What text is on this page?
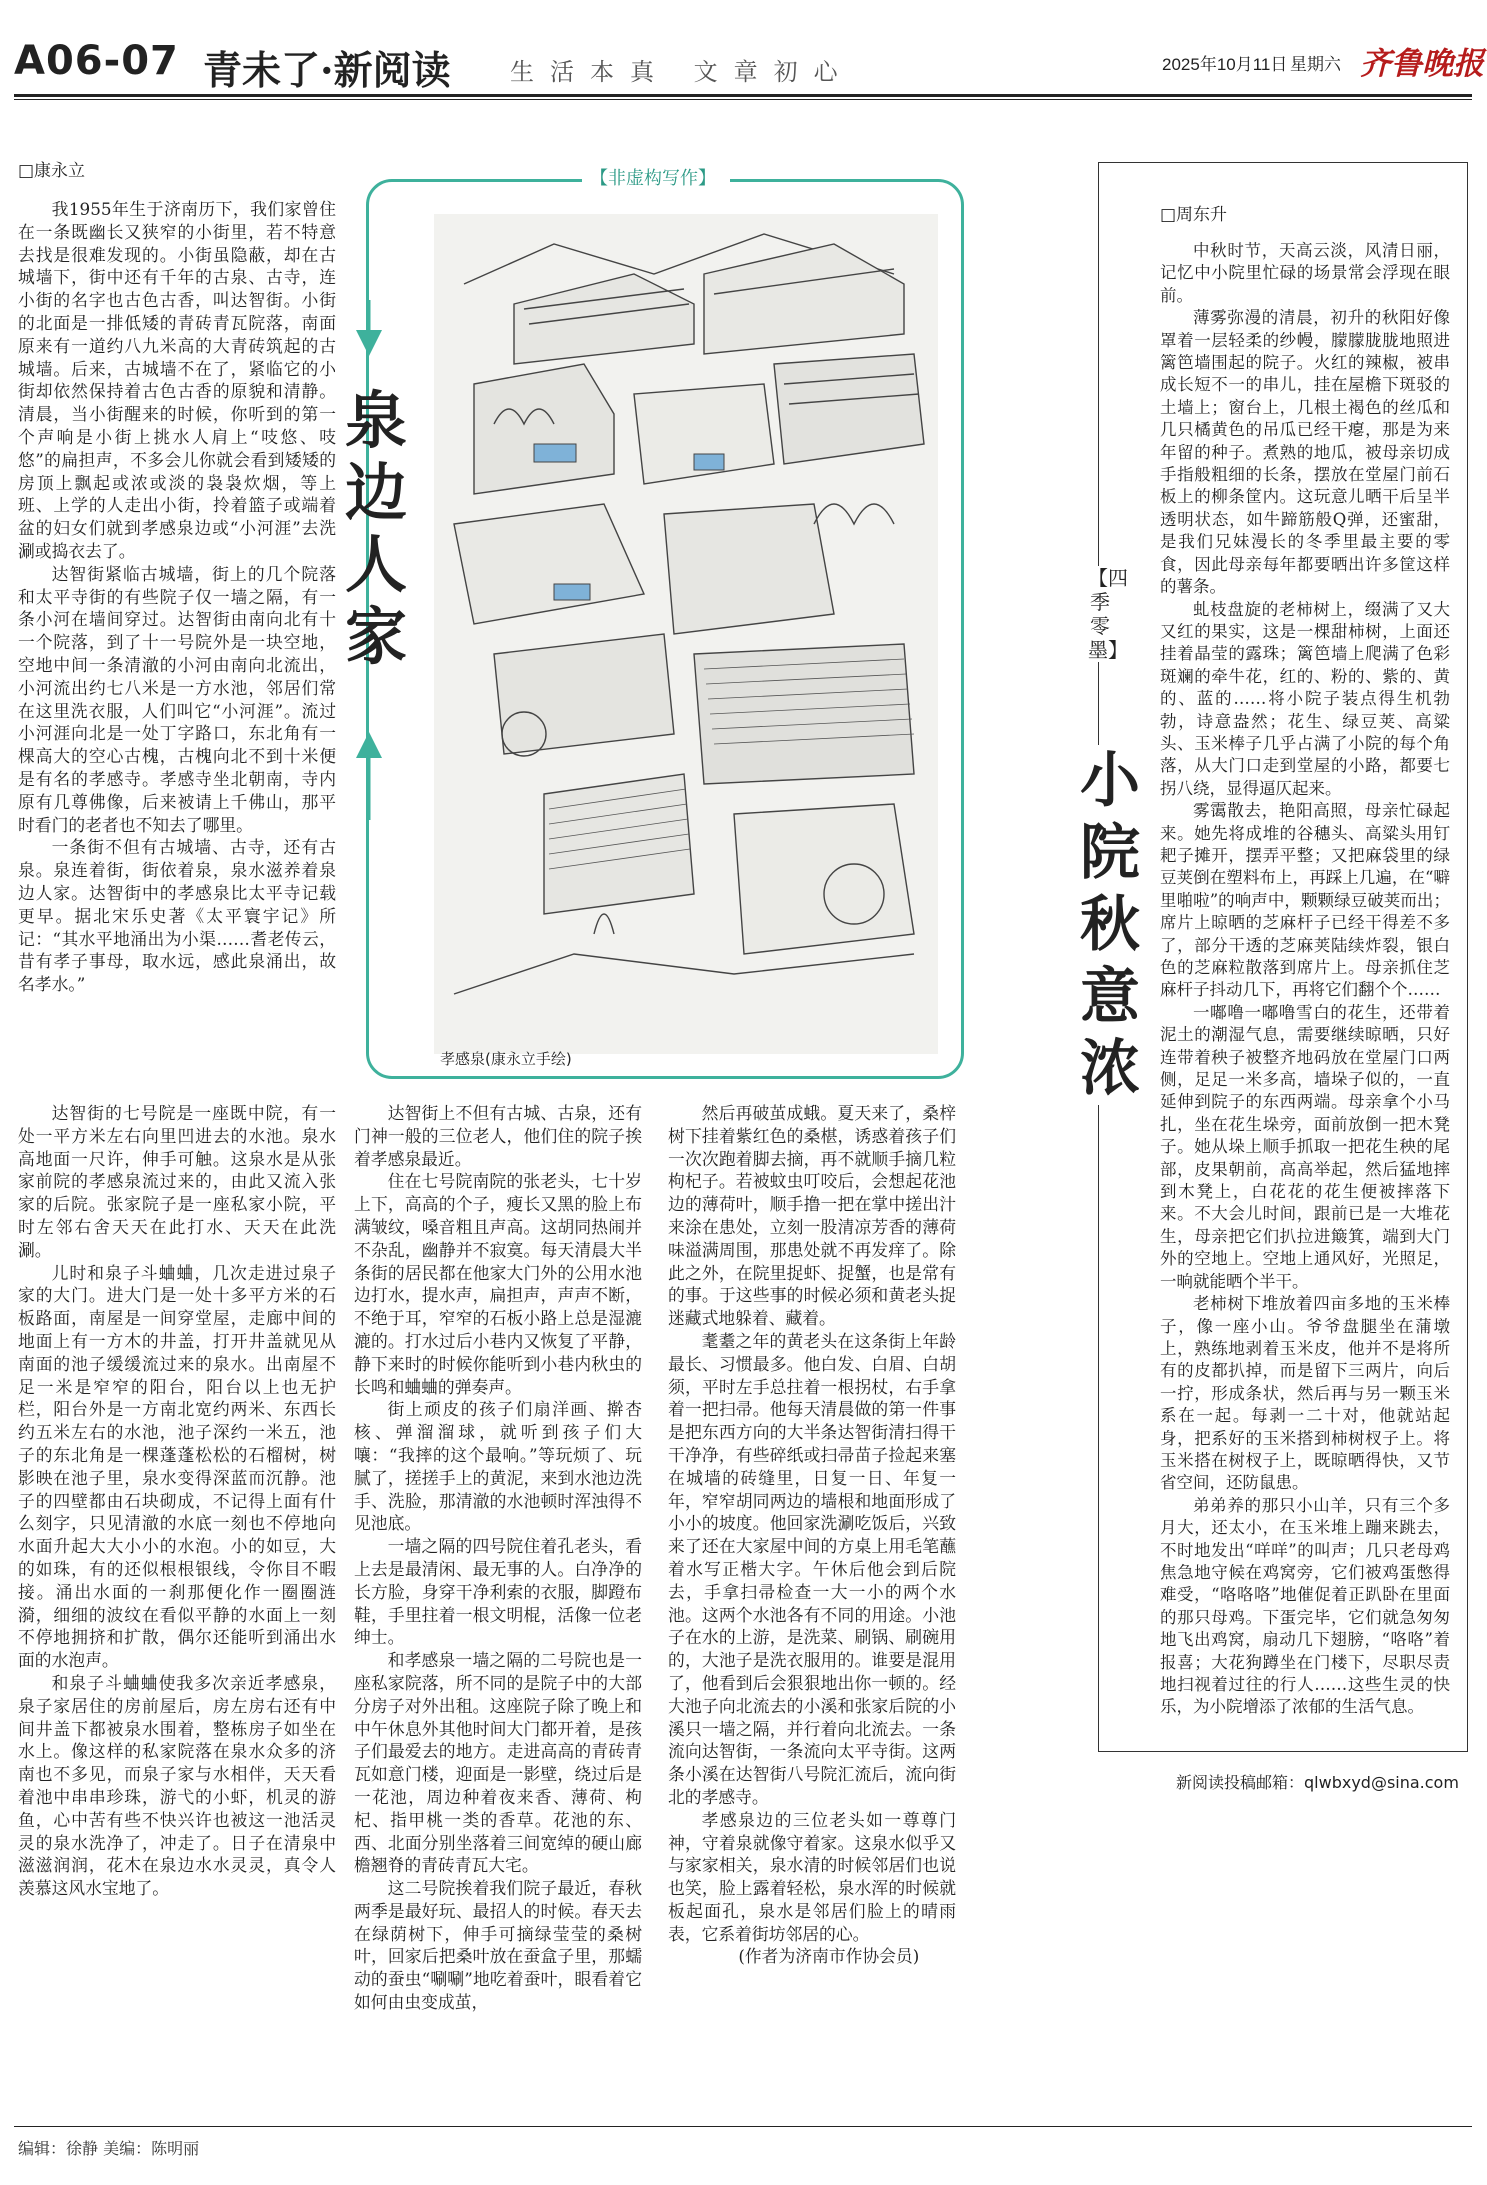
A06-07 青未了·新阅读 生活本真 文章初心	2025年10月11日 星期六 齐鲁晚报
□康永立	【非虚构写作】
泉边人家
孝感泉(康永立手绘)

我1955年生于济南历下，我们家曾住在一条既幽长又狭窄的小街里，若不特意去找是很难发现的。小街虽隐蔽，却在古城墙下，街中还有千年的古泉、古寺，连小街的名字也古色古香，叫达智街。小街的北面是一排低矮的青砖青瓦院落，南面原来有一道约八九米高的大青砖筑起的古城墙。后来，古城墙不在了，紧临它的小街却依然保持着古色古香的原貌和清静。清晨，当小街醒来的时候，你听到的第一个声响是小街上挑水人肩上“吱悠、吱悠”的扁担声，不多会儿你就会看到矮矮的房顶上飘起或浓或淡的袅袅炊烟，等上班、上学的人走出小街，拎着篮子或端着盆的妇女们就到孝感泉边或“小河涯”去洗涮或捣衣去了。

达智街紧临古城墙，街上的几个院落和太平寺街的有些院子仅一墙之隔，有一条小河在墙间穿过。达智街由南向北有十一个院落，到了十一号院外是一块空地，空地中间一条清澈的小河由南向北流出，小河流出约七八米是一方水池，邻居们常在这里洗衣服，人们叫它“小河涯”。流过小河涯向北是一处丁字路口，东北角有一棵高大的空心古槐，古槐向北不到十米便是有名的孝感寺。孝感寺坐北朝南，寺内原有几尊佛像，后来被请上千佛山，那平时看门的老者也不知去了哪里。

一条街不但有古城墙、古寺，还有古泉。泉连着街，街依着泉，泉水滋养着泉边人家。达智街中的孝感泉比太平寺记载更早。据北宋乐史著《太平寰宇记》所记：“其水平地涌出为小渠……耆老传云，昔有孝子事母，取水远，感此泉涌出，故名孝水。”

达智街的七号院是一座既中院，有一处一平方米左右向里凹进去的水池。泉水高地面一尺许，伸手可触。这泉水是从张家前院的孝感泉流过来的，由此又流入张家的后院。张家院子是一座私家小院，平时左邻右舍天天在此打水、天天在此洗涮。

儿时和泉子斗蛐蛐，几次走进过泉子家的大门。进大门是一处十多平方米的石板路面，南屋是一间穿堂屋，走廊中间的地面上有一方木的井盖，打开井盖就见从南面的池子缓缓流过来的泉水。出南屋不足一米是窄窄的阳台，阳台以上也无护栏，阳台外是一方南北宽约两米、东西长约五米左右的水池，池子深约一米五，池子的东北角是一棵蓬蓬松松的石榴树，树影映在池子里，泉水变得深蓝而沉静。池子的四壁都由石块砌成，不记得上面有什么刻字，只见清澈的水底一刻也不停地向水面升起大大小小的水泡。小的如豆，大的如珠，有的还似根根银线，令你目不暇接。涌出水面的一刹那便化作一圈圈涟漪，细细的波纹在看似平静的水面上一刻不停地拥挤和扩散，偶尔还能听到涌出水面的水泡声。

和泉子斗蛐蛐使我多次亲近孝感泉，泉子家居住的房前屋后，房左房右还有中间井盖下都被泉水围着，整栋房子如坐在水上。像这样的私家院落在泉水众多的济南也不多见，而泉子家与水相伴，天天看着池中串串珍珠，游弋的小虾，机灵的游鱼，心中苦有些不快兴许也被这一池活灵灵的泉水洗净了，冲走了。日子在清泉中滋滋润润，花木在泉边水水灵灵，真令人羡慕这风水宝地了。

达智街上不但有古城、古泉，还有门神一般的三位老人，他们住的院子挨着孝感泉最近。

住在七号院南院的张老头，七十岁上下，高高的个子，瘦长又黑的脸上布满皱纹，嗓音粗且声高。这胡同热闹并不杂乱，幽静并不寂寞。每天清晨大半条街的居民都在他家大门外的公用水池边打水，提水声，扁担声，声声不断，不绝于耳，窄窄的石板小路上总是湿漉漉的。打水过后小巷内又恢复了平静，静下来时的时候你能听到小巷内秋虫的长鸣和蛐蛐的弹奏声。

街上顽皮的孩子们扇洋画、擀杏核、弹溜溜球，就听到孩子们大嚷：“我摔的这个最响。”等玩烦了、玩腻了，搓搓手上的黄泥，来到水池边洗手、洗脸，那清澈的水池顿时浑浊得不见池底。

一墙之隔的四号院住着孔老头，看上去是最清闲、最无事的人。白净净的长方脸，身穿干净利索的衣服，脚蹬布鞋，手里拄着一根文明棍，活像一位老绅士。

和孝感泉一墙之隔的二号院也是一座私家院落，所不同的是院子中的大部分房子对外出租。这座院子除了晚上和中午休息外其他时间大门都开着，是孩子们最爱去的地方。走进高高的青砖青瓦如意门楼，迎面是一影壁，绕过后是一花池，周边种着夜来香、薄荷、枸杞、指甲桃一类的香草。花池的东、西、北面分别坐落着三间宽绰的硬山廊檐翘脊的青砖青瓦大宅。

这二号院挨着我们院子最近，春秋两季是最好玩、最招人的时候。春天去在绿荫树下，伸手可摘绿莹莹的桑树叶，回家后把桑叶放在蚕盒子里，那蠕动的蚕虫“唰唰”地吃着蚕叶，眼看着它如何由虫变成茧，

然后再破茧成蛾。夏天来了，桑梓树下挂着紫红色的桑椹，诱惑着孩子们一次次跑着脚去摘，再不就顺手摘几粒枸杞子。若被蚊虫叮咬后，会想起花池边的薄荷叶，顺手撸一把在掌中搓出汁来涂在患处，立刻一股清凉芳香的薄荷味溢满周围，那患处就不再发痒了。除此之外，在院里捉虾、捉蟹，也是常有的事。于这些事的时候必须和黄老头捉迷藏式地躲着、藏着。

耄耋之年的黄老头在这条街上年龄最长、习惯最多。他白发、白眉、白胡须，平时左手总拄着一根拐杖，右手拿着一把扫帚。他每天清晨做的第一件事是把东西方向的大半条达智街清扫得干干净净，有些碎纸或扫帚苗子捡起来塞在城墙的砖缝里，日复一日、年复一年，窄窄胡同两边的墙根和地面形成了小小的坡度。他回家洗涮吃饭后，兴致来了还在大家屋中间的方桌上用毛笔蘸着水写正楷大字。午休后他会到后院去，手拿扫帚检查一大一小的两个水池。这两个水池各有不同的用途。小池子在水的上游，是洗菜、刷锅、刷碗用的，大池子是洗衣服用的。谁要是混用了，他看到后会狠狠地出你一顿的。经大池子向北流去的小溪和张家后院的小溪只一墙之隔，并行着向北流去。一条流向达智街，一条流向太平寺街。这两条小溪在达智街八号院汇流后，流向街北的孝感寺。

孝感泉边的三位老头如一尊尊门神，守着泉就像守着家。这泉水似乎又与家家相关，泉水清的时候邻居们也说也笑，脸上露着轻松，泉水浑的时候就板起面孔，泉水是邻居们脸上的晴雨表，它系着街坊邻居的心。

(作者为济南市作协会员)

□周东升
【四季零墨】
小院秋意浓

中秋时节，天高云淡，风清日丽，记忆中小院里忙碌的场景常会浮现在眼前。

薄雾弥漫的清晨，初升的秋阳好像罩着一层轻柔的纱幔，朦朦胧胧地照进篱笆墙围起的院子。火红的辣椒，被串成长短不一的串儿，挂在屋檐下斑驳的土墙上；窗台上，几根土褐色的丝瓜和几只橘黄色的吊瓜已经干瘪，那是为来年留的种子。煮熟的地瓜，被母亲切成手指般粗细的长条，摆放在堂屋门前石板上的柳条筐内。这玩意儿晒干后呈半透明状态，如牛蹄筋般Q弹，还蜜甜，是我们兄妹漫长的冬季里最主要的零食，因此母亲每年都要晒出许多筐这样的薯条。

虬枝盘旋的老柿树上，缀满了又大又红的果实，这是一棵甜柿树，上面还挂着晶莹的露珠；篱笆墙上爬满了色彩斑斓的牵牛花，红的、粉的、紫的、黄的、蓝的……将小院子装点得生机勃勃，诗意盎然；花生、绿豆荚、高粱头、玉米棒子几乎占满了小院的每个角落，从大门口走到堂屋的小路，都要七拐八绕，显得逼仄起来。

雾霭散去，艳阳高照，母亲忙碌起来。她先将成堆的谷穗头、高粱头用钉耙子摊开，摆弄平整；又把麻袋里的绿豆荚倒在塑料布上，再踩上几遍，在“噼里啪啦”的响声中，颗颗绿豆破荚而出；席片上晾晒的芝麻杆子已经干得差不多了，部分干透的芝麻荚陆续炸裂，银白色的芝麻粒散落到席片上。母亲抓住芝麻杆子抖动几下，再将它们翻个个……

一嘟噜一嘟噜雪白的花生，还带着泥土的潮湿气息，需要继续晾晒，只好连带着秧子被整齐地码放在堂屋门口两侧，足足一米多高，墙垛子似的，一直延伸到院子的东西两端。母亲拿个小马扎，坐在花生垛旁，面前放倒一把木凳子。她从垛上顺手抓取一把花生秧的尾部，皮果朝前，高高举起，然后猛地摔到木凳上，白花花的花生便被摔落下来。不大会儿时间，跟前已是一大堆花生，母亲把它们扒拉进簸箕，端到大门外的空地上。空地上通风好，光照足，一晌就能晒个半干。

老柿树下堆放着四亩多地的玉米棒子，像一座小山。爷爷盘腿坐在蒲墩上，熟练地剥着玉米皮，他并不是将所有的皮都扒掉，而是留下三两片，向后一拧，形成条状，然后再与另一颗玉米系在一起。每剥一二十对，他就站起身，把系好的玉米搭到柿树杈子上。将玉米搭在树杈子上，既晾晒得快，又节省空间，还防鼠患。

弟弟养的那只小山羊，只有三个多月大，还太小，在玉米堆上蹦来跳去，不时地发出“咩咩”的叫声；几只老母鸡焦急地守候在鸡窝旁，它们被鸡蛋憋得难受，“咯咯咯”地催促着正趴卧在里面的那只母鸡。下蛋完毕，它们就急匆匆地飞出鸡窝，扇动几下翅膀，“咯咯”着报喜；大花狗蹲坐在门楼下，尽职尽责地扫视着过往的行人……这些生灵的快乐，为小院增添了浓郁的生活气息。

新阅读投稿邮箱：qlwbxyd@sina.com
编辑：徐静 美编：陈明丽
